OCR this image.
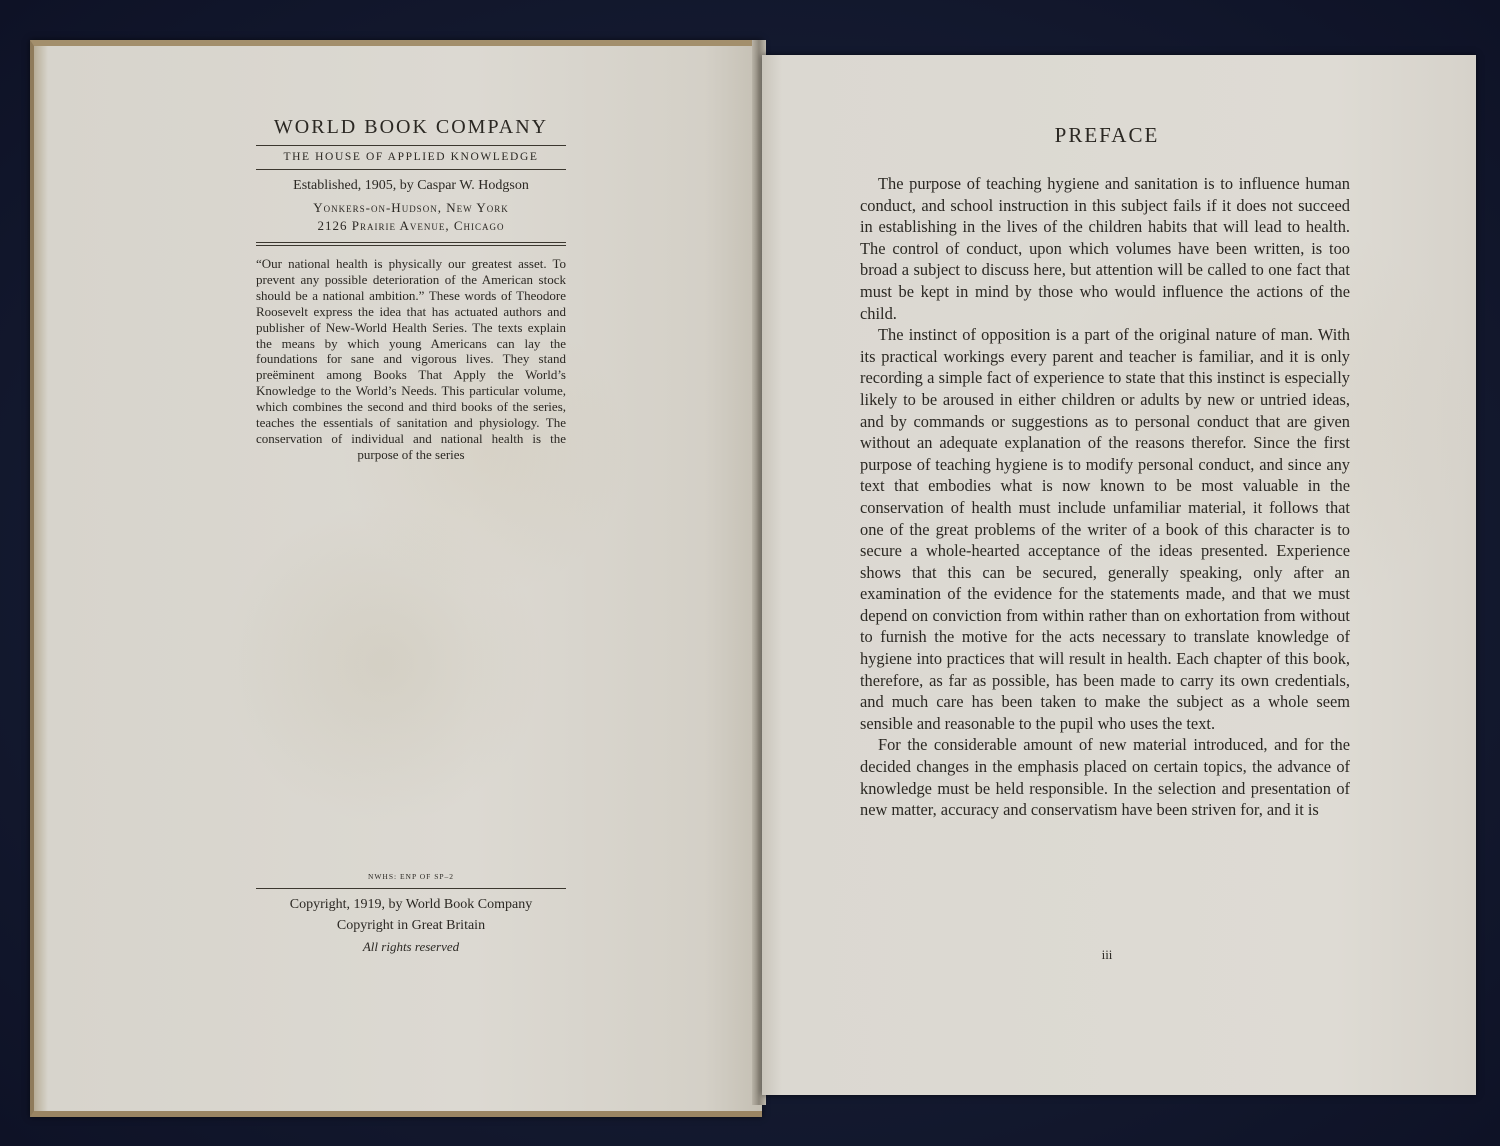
WORLD BOOK COMPANY

THE HOUSE OF APPLIED KNOWLEDGE

Established, 1905, by Caspar W. Hodgson

Yonkers-on-Hudson, New York

2126 Prairie Avenue, Chicago

“Our national health is physically our greatest asset. To prevent any possible deterioration of the American stock should be a national ambition.” These words of Theodore Roosevelt express the idea that has actuated authors and publisher of New-World Health Series. The texts explain the means by which young Americans can lay the foundations for sane and vigorous lives. They stand preëminent among Books That Apply the World’s Knowledge to the World’s Needs. This particular volume, which combines the second and third books of the series, teaches the essentials of sanitation and physiology. The conservation of individual and national health is the purpose of the series

NWHS: ENP OF SP–2

Copyright, 1919, by World Book Company

Copyright in Great Britain

All rights reserved

PREFACE

The purpose of teaching hygiene and sanitation is to influence human conduct, and school instruction in this subject fails if it does not succeed in establishing in the lives of the children habits that will lead to health. The control of conduct, upon which volumes have been written, is too broad a subject to discuss here, but attention will be called to one fact that must be kept in mind by those who would influence the actions of the child.

The instinct of opposition is a part of the original nature of man. With its practical workings every parent and teacher is familiar, and it is only recording a simple fact of experience to state that this instinct is especially likely to be aroused in either children or adults by new or untried ideas, and by commands or suggestions as to personal conduct that are given without an adequate explanation of the reasons therefor. Since the first purpose of teaching hygiene is to modify personal conduct, and since any text that embodies what is now known to be most valuable in the conservation of health must include unfamiliar material, it follows that one of the great problems of the writer of a book of this character is to secure a whole-hearted acceptance of the ideas presented. Experience shows that this can be secured, generally speaking, only after an examination of the evidence for the statements made, and that we must depend on conviction from within rather than on exhortation from without to furnish the motive for the acts necessary to translate knowledge of hygiene into practices that will result in health. Each chapter of this book, therefore, as far as possible, has been made to carry its own credentials, and much care has been taken to make the subject as a whole seem sensible and reasonable to the pupil who uses the text.

For the considerable amount of new material introduced, and for the decided changes in the emphasis placed on certain topics, the advance of knowledge must be held responsible. In the selection and presentation of new matter, accuracy and conservatism have been striven for, and it is

iii
